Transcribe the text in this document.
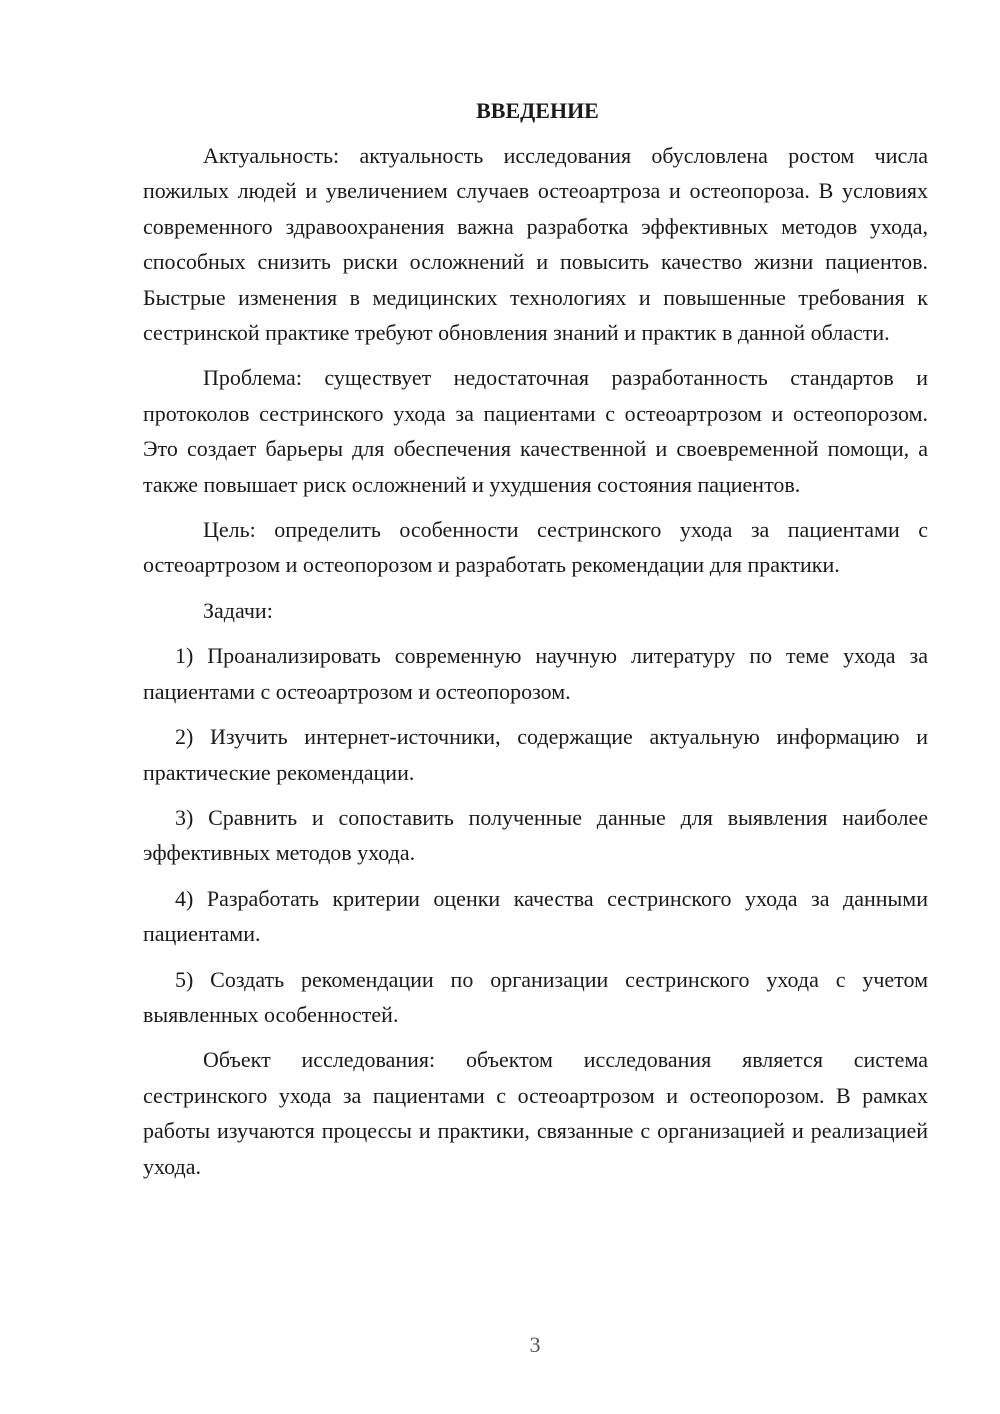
ВВЕДЕНИЕ

Актуальность: актуальность исследования обусловлена ростом числа пожилых людей и увеличением случаев остеоартроза и остеопороза. В условиях современного здравоохранения важна разработка эффективных методов ухода, способных снизить риски осложнений и повысить качество жизни пациентов. Быстрые изменения в медицинских технологиях и повышенные требования к сестринской практике требуют обновления знаний и практик в данной области.

Проблема: существует недостаточная разработанность стандартов и протоколов сестринского ухода за пациентами с остеоартрозом и остеопорозом. Это создает барьеры для обеспечения качественной и своевременной помощи, а также повышает риск осложнений и ухудшения состояния пациентов.

Цель: определить особенности сестринского ухода за пациентами с остеоартрозом и остеопорозом и разработать рекомендации для практики.

Задачи:

1) Проанализировать современную научную литературу по теме ухода за пациентами с остеоартрозом и остеопорозом.

2) Изучить интернет-источники, содержащие актуальную информацию и практические рекомендации.

3) Сравнить и сопоставить полученные данные для выявления наиболее эффективных методов ухода.

4) Разработать критерии оценки качества сестринского ухода за данными пациентами.

5) Создать рекомендации по организации сестринского ухода с учетом выявленных особенностей.

Объект исследования: объектом исследования является система сестринского ухода за пациентами с остеоартрозом и остеопорозом. В рамках работы изучаются процессы и практики, связанные с организацией и реализацией ухода.

3
